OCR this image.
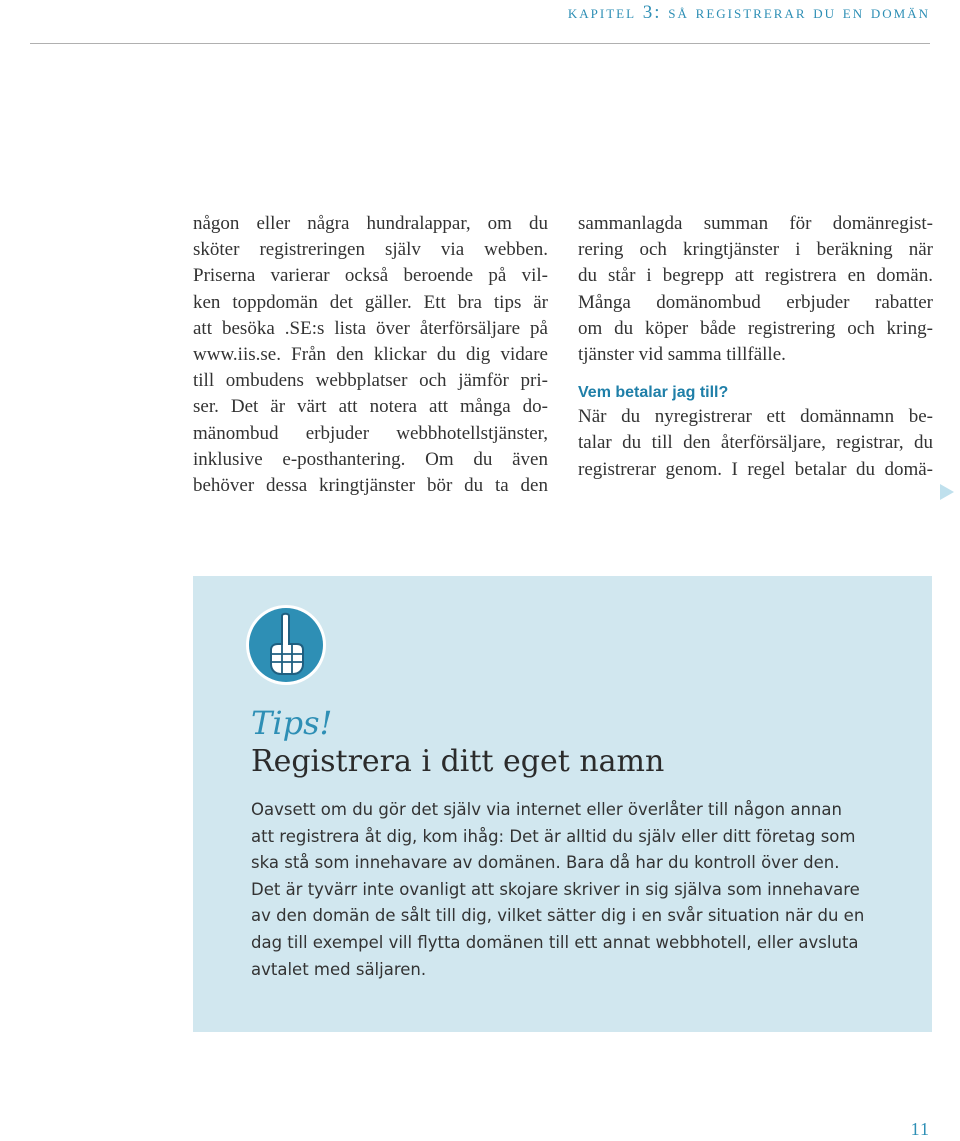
kapitel 3: så registrerar du en domän
någon eller några hundralappar, om du
sköter registreringen själv via webben.
Priserna varierar också beroende på vil-
ken toppdomän det gäller. Ett bra tips är
att besöka .SE:s lista över återförsäljare på
www.iis.se. Från den klickar du dig vidare
till ombudens webbplatser och jämför pri-
ser. Det är värt att notera att många do-
mänombud erbjuder webbhotellstjänster,
inklusive e-posthantering. Om du även
behöver dessa kringtjänster bör du ta den
sammanlagda summan för domänregist-
rering och kringtjänster i beräkning när
du står i begrepp att registrera en domän.
Många domänombud erbjuder rabatter
om du köper både registrering och kring-
tjänster vid samma tillfälle.
Vem betalar jag till?
När du nyregistrerar ett domännamn be-
talar du till den återförsäljare, registrar, du
registrerar genom. I regel betalar du domä-
Tips!
Registrera i ditt eget namn
Oavsett om du gör det själv via internet eller överlåter till någon annan
att registrera åt dig, kom ihåg: Det är alltid du själv eller ditt företag som
ska stå som innehavare av domänen. Bara då har du kontroll över den.
Det är tyvärr inte ovanligt att skojare skriver in sig själva som innehavare
av den domän de sålt till dig, vilket sätter dig i en svår situation när du en
dag till exempel vill flytta domänen till ett annat webbhotell, eller avsluta
avtalet med säljaren.
11
